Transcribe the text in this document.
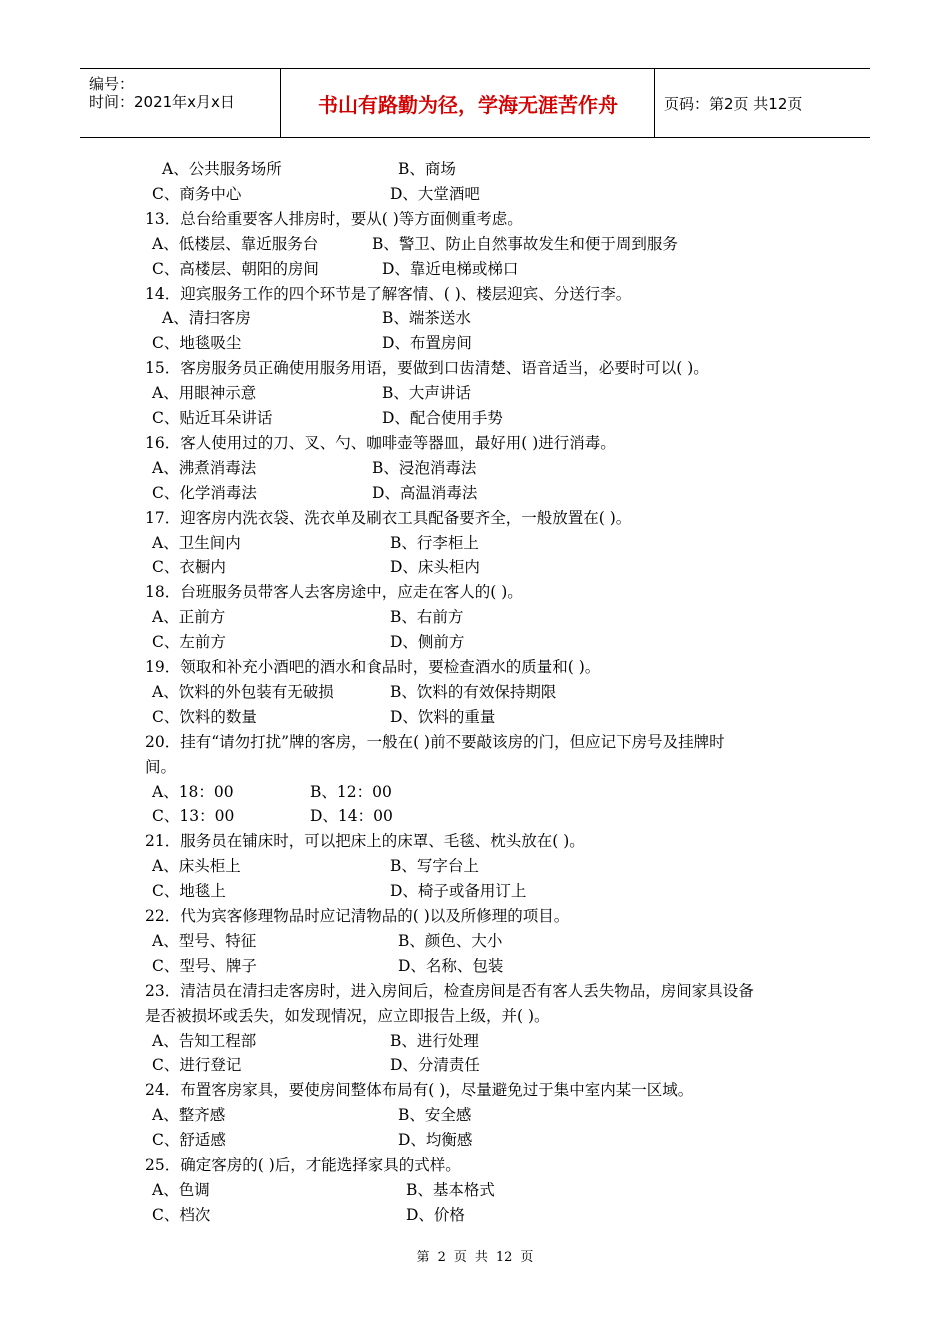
编号：
时间：2021年x月x日	书山有路勤为径，学海无涯苦作舟	页码：第2页 共12页
A、公共服务场所	B、商场
C、商务中心	D、大堂酒吧
13．总台给重要客人排房时，要从( )等方面侧重考虑。
A、低楼层、靠近服务台	B、警卫、防止自然事故发生和便于周到服务
C、高楼层、朝阳的房间	D、靠近电梯或梯口
14．迎宾服务工作的四个环节是了解客情、( )、楼层迎宾、分送行李。
A、清扫客房	B、端茶送水
C、地毯吸尘	D、布置房间
15．客房服务员正确使用服务用语，要做到口齿清楚、语音适当，必要时可以( )。
A、用眼神示意	B、大声讲话
C、贴近耳朵讲话	D、配合使用手势
16．客人使用过的刀、叉、勺、咖啡壶等器皿，最好用( )进行消毒。
A、沸煮消毒法	B、浸泡消毒法
C、化学消毒法	D、高温消毒法
17．迎客房内洗衣袋、洗衣单及刷衣工具配备要齐全，一般放置在( )。
A、卫生间内	B、行李柜上
C、衣橱内	D、床头柜内
18．台班服务员带客人去客房途中，应走在客人的( )。
A、正前方	B、右前方
C、左前方	D、侧前方
19．领取和补充小酒吧的酒水和食品时，要检查酒水的质量和( )。
A、饮料的外包装有无破损	B、饮料的有效保持期限
C、饮料的数量	D、饮料的重量
20．挂有“请勿打扰”牌的客房，一般在( )前不要敲该房的门，但应记下房号及挂牌时
间。
A、18：00	B、12：00
C、13：00	D、14：00
21．服务员在铺床时，可以把床上的床罩、毛毯、枕头放在( )。
A、床头柜上	B、写字台上
C、地毯上	D、椅子或备用订上
22．代为宾客修理物品时应记清物品的( )以及所修理的项目。
A、型号、特征	B、颜色、大小
C、型号、牌子	D、名称、包装
23．清洁员在清扫走客房时，进入房间后，检查房间是否有客人丢失物品，房间家具设备
是否被损坏或丢失，如发现情况，应立即报告上级，并( )。
A、告知工程部	B、进行处理
C、进行登记	D、分清责任
24．布置客房家具，要使房间整体布局有( )，尽量避免过于集中室内某一区域。
A、整齐感	B、安全感
C、舒适感	D、均衡感
25．确定客房的( )后，才能选择家具的式样。
A、色调	B、基本格式
C、档次	D、价格
第 2 页 共 12 页
